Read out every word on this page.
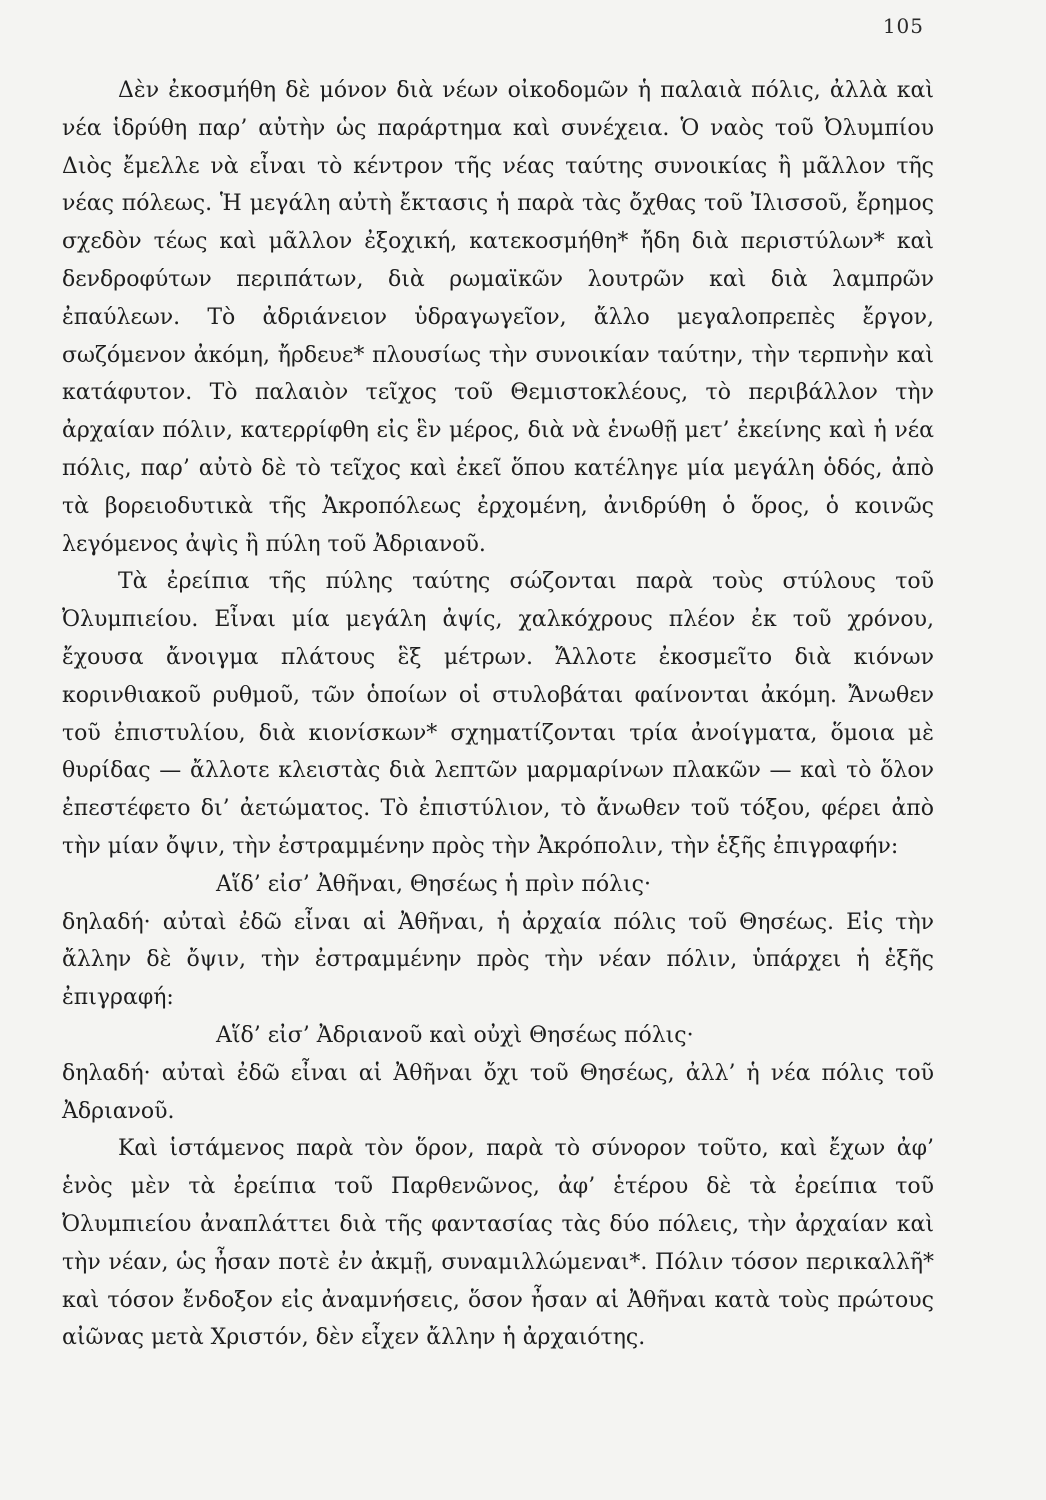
105

Δὲν ἐκοσμήθη δὲ μόνον διὰ νέων οἰκοδομῶν ἡ παλαιὰ πόλις, ἀλλὰ καὶ νέα ἱδρύθη παρ’ αὐτὴν ὡς παράρτημα καὶ συνέχεια. Ὁ ναὸς τοῦ Ὀλυμπίου Διὸς ἔμελλε νὰ εἶναι τὸ κέντρον τῆς νέας ταύτης συνοικίας ἢ μᾶλλον τῆς νέας πόλεως. Ἡ μεγάλη αὐτὴ ἔκτασις ἡ παρὰ τὰς ὄχθας τοῦ Ἰλισσοῦ, ἔρημος σχεδὸν τέως καὶ μᾶλλον ἐξοχική, κατεκοσμήθη* ἤδη διὰ περιστύλων* καὶ δενδροφύτων περιπάτων, διὰ ρωμαϊκῶν λουτρῶν καὶ διὰ λαμπρῶν ἐπαύλεων. Τὸ ἀδριάνειον ὑδραγωγεῖον, ἄλλο μεγαλοπρεπὲς ἔργον, σωζόμενον ἀκόμη, ἤρδευε* πλουσίως τὴν συνοικίαν ταύτην, τὴν τερπνὴν καὶ κατάφυτον. Τὸ παλαιὸν τεῖχος τοῦ Θεμιστοκλέους, τὸ περιβάλλον τὴν ἀρχαίαν πόλιν, κατερρίφθη εἰς ἓν μέρος, διὰ νὰ ἑνωθῇ μετ’ ἐκείνης καὶ ἡ νέα πόλις, παρ’ αὐτὸ δὲ τὸ τεῖχος καὶ ἐκεῖ ὅπου κατέληγε μία μεγάλη ὁδός, ἀπὸ τὰ βορειοδυτικὰ τῆς Ἀκροπόλεως ἐρχομένη, ἀνιδρύθη ὁ ὅρος, ὁ κοινῶς λεγόμενος ἀψὶς ἢ πύλη τοῦ Ἀδριανοῦ.

Τὰ ἐρείπια τῆς πύλης ταύτης σώζονται παρὰ τοὺς στύλους τοῦ Ὀλυμπιείου. Εἶναι μία μεγάλη ἀψίς, χαλκόχρους πλέον ἐκ τοῦ χρόνου, ἔχουσα ἄνοιγμα πλάτους ἓξ μέτρων. Ἄλλοτε ἐκοσμεῖτο διὰ κιόνων κορινθιακοῦ ρυθμοῦ, τῶν ὁποίων οἱ στυλοβάται φαίνονται ἀκόμη. Ἄνωθεν τοῦ ἐπιστυλίου, διὰ κιονίσκων* σχηματίζονται τρία ἀνοίγματα, ὅμοια μὲ θυρίδας — ἄλλοτε κλειστὰς διὰ λεπτῶν μαρμαρίνων πλακῶν — καὶ τὸ ὅλον ἐπεστέφετο δι’ ἀετώματος. Τὸ ἐπιστύλιον, τὸ ἄνωθεν τοῦ τόξου, φέρει ἀπὸ τὴν μίαν ὄψιν, τὴν ἐστραμμένην πρὸς τὴν Ἀκρόπολιν, τὴν ἑξῆς ἐπιγραφήν:

Αἵδ’ εἰσ’ Ἀθῆναι, Θησέως ἡ πρὶν πόλις·

δηλαδή· αὐταὶ ἐδῶ εἶναι αἱ Ἀθῆναι, ἡ ἀρχαία πόλις τοῦ Θησέως. Εἰς τὴν ἄλλην δὲ ὄψιν, τὴν ἐστραμμένην πρὸς τὴν νέαν πόλιν, ὑπάρχει ἡ ἑξῆς ἐπιγραφή:

Αἵδ’ εἰσ’ Ἀδριανοῦ καὶ οὐχὶ Θησέως πόλις·

δηλαδή· αὐταὶ ἐδῶ εἶναι αἱ Ἀθῆναι ὄχι τοῦ Θησέως, ἀλλ’ ἡ νέα πόλις τοῦ Ἀδριανοῦ.

Καὶ ἱστάμενος παρὰ τὸν ὅρον, παρὰ τὸ σύνορον τοῦτο, καὶ ἔχων ἀφ’ ἑνὸς μὲν τὰ ἐρείπια τοῦ Παρθενῶνος, ἀφ’ ἑτέρου δὲ τὰ ἐρείπια τοῦ Ὀλυμπιείου ἀναπλάττει διὰ τῆς φαντασίας τὰς δύο πόλεις, τὴν ἀρχαίαν καὶ τὴν νέαν, ὡς ἦσαν ποτὲ ἐν ἀκμῇ, συναμιλλώμεναι*. Πόλιν τόσον περικαλλῆ* καὶ τόσον ἔνδοξον εἰς ἀναμνήσεις, ὅσον ἦσαν αἱ Ἀθῆναι κατὰ τοὺς πρώτους αἰῶνας μετὰ Χριστόν, δὲν εἶχεν ἄλλην ἡ ἀρχαιότης.
